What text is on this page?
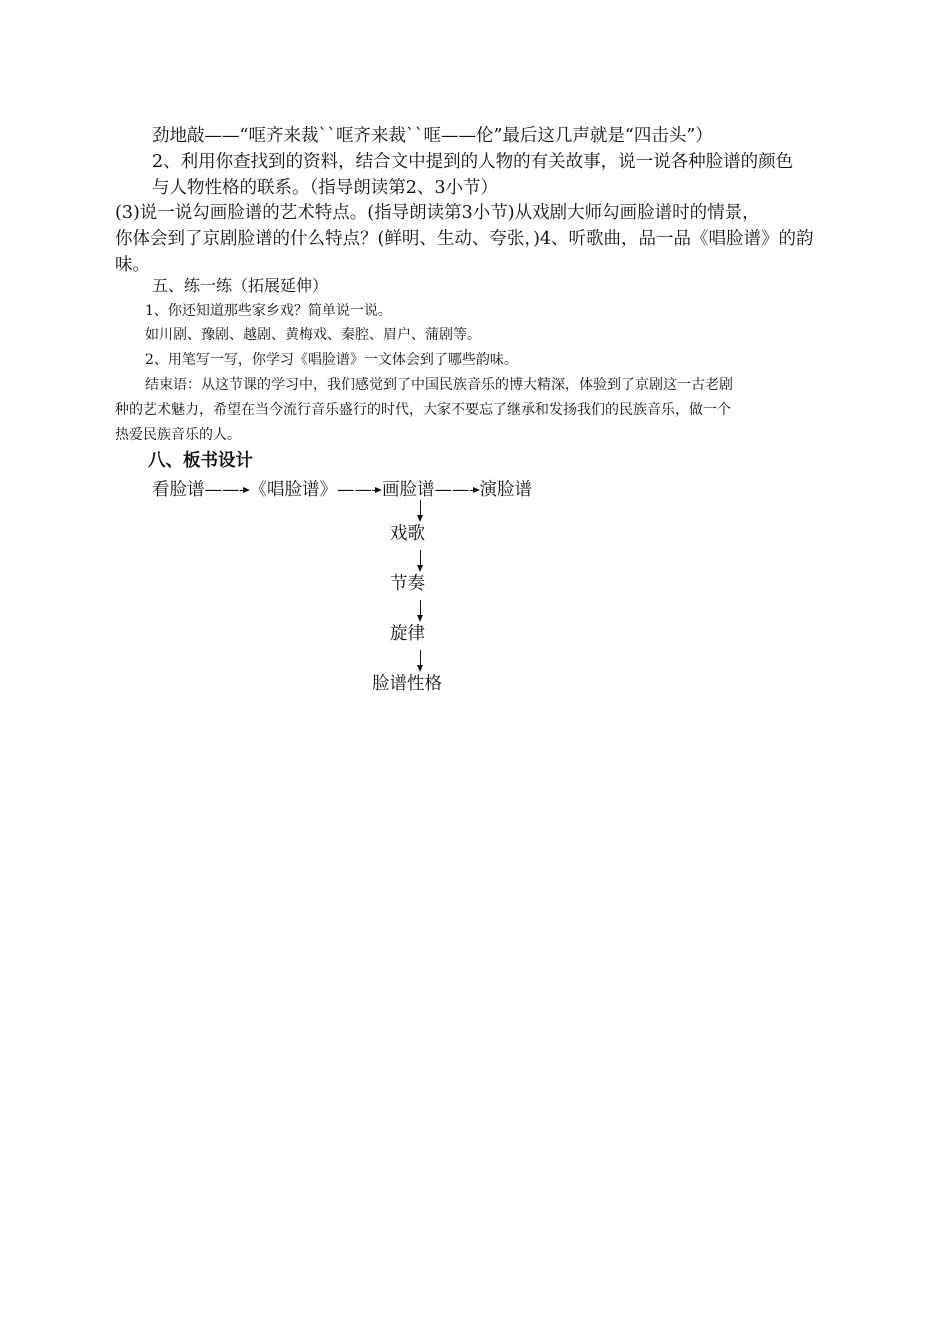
劲地敲——“哐齐来裁``哐齐来裁``哐——伦”最后这几声就是“四击头”）
2、利用你查找到的资料，结合文中提到的人物的有关故事，说一说各种脸谱的颜色
与人物性格的联系。（指导朗读第2、3小节）
(3)说一说勾画脸谱的艺术特点。(指导朗读第3小节)从戏剧大师勾画脸谱时的情景，
你体会到了京剧脸谱的什么特点？(鲜明、生动、夸张，)4、听歌曲，品一品《唱脸谱》的韵
味。
五、练一练（拓展延伸）
1、你还知道那些家乡戏？简单说一说。
如川剧、豫剧、越剧、黄梅戏、秦腔、眉户、蒲剧等。
2、用笔写一写，你学习《唱脸谱》一文体会到了哪些韵味。
结束语：从这节课的学习中，我们感觉到了中国民族音乐的博大精深，体验到了京剧这一古老剧
种的艺术魅力，希望在当今流行音乐盛行的时代，大家不要忘了继承和发扬我们的民族音乐，做一个
热爱民族音乐的人。
八、板书设计
看脸谱—— 《唱脸谱》—— 画脸谱—— 演脸谱
戏歌
节奏
旋律
脸谱性格
